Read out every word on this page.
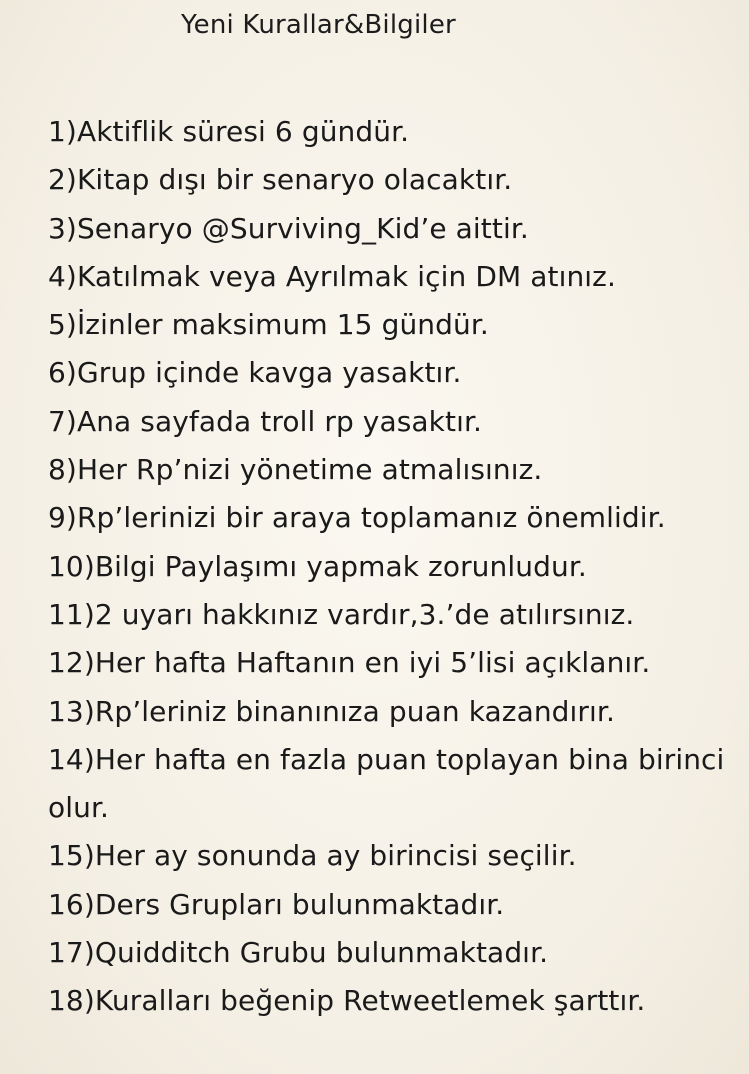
Yeni Kurallar&Bilgiler
1)Aktiflik süresi 6 gündür.
2)Kitap dışı bir senaryo olacaktır.
3)Senaryo @Surviving_Kid’e aittir.
4)Katılmak veya Ayrılmak için DM atınız.
5)İzinler maksimum 15 gündür.
6)Grup içinde kavga yasaktır.
7)Ana sayfada troll rp yasaktır.
8)Her Rp’nizi yönetime atmalısınız.
9)Rp’lerinizi bir araya toplamanız önemlidir.
10)Bilgi Paylaşımı yapmak zorunludur.
11)2 uyarı hakkınız vardır,3.’de atılırsınız.
12)Her hafta Haftanın en iyi 5’lisi açıklanır.
13)Rp’leriniz binanınıza puan kazandırır.
14)Her hafta en fazla puan toplayan bina birinci olur.
15)Her ay sonunda ay birincisi seçilir.
16)Ders Grupları bulunmaktadır.
17)Quidditch Grubu bulunmaktadır.
18)Kuralları beğenip Retweetlemek şarttır.
